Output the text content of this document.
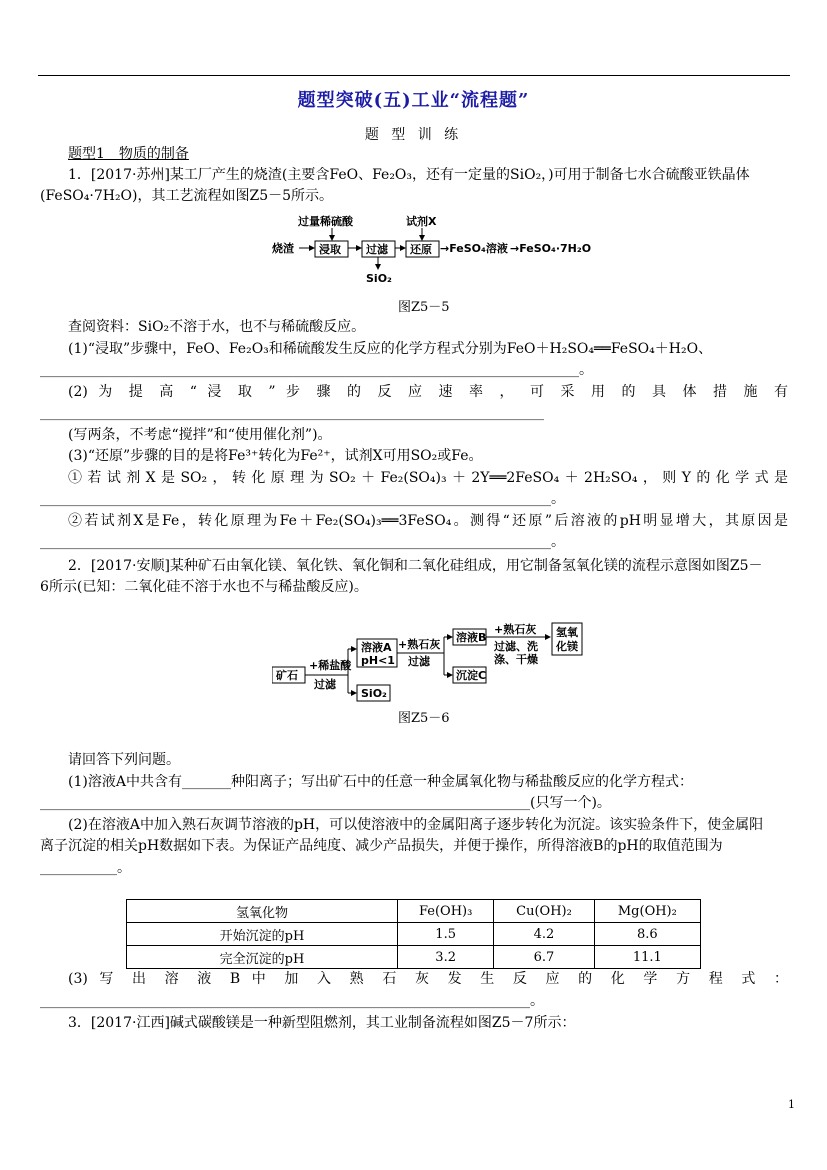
题型突破(五)工业“流程题”
题 型 训 练
题型1　物质的制备
1．[2017·苏州]某工厂产生的烧渣(主要含FeO、Fe₂O₃，还有一定量的SiO₂，)可用于制备七水合硫酸亚铁晶体
(FeSO₄·7H₂O)，其工艺流程如图Z5－5所示。
过量稀硫酸	试剂X
烧渣 浸取 过滤
SiO₂
还原 →FeSO₄溶液 →FeSO₄·7H₂O
图Z5－5
查阅资料：SiO₂不溶于水，也不与稀硫酸反应。
(1)“浸取”步骤中，FeO、Fe₂O₃和稀硫酸发生反应的化学方程式分别为FeO＋H₂SO₄══FeSO₄＋H₂O、
_____________________________________________________________________________。
(2) 为 提 高 “ 浸 取 ” 步 骤 的 反 应 速 率 ， 可 采 用 的 具 体 措 施 有
________________________________________________________________________
(写两条，不考虑“搅拌”和“使用催化剂”)。
(3)“还原”步骤的目的是将Fe³⁺转化为Fe²⁺，试剂X可用SO₂或Fe。
①若试剂X是SO₂，转化原理为SO₂＋Fe₂(SO₄)₃＋2Y══2FeSO₄＋2H₂SO₄，则Y的化学式是
_________________________________________________________________________。
②若试剂X是Fe，转化原理为Fe＋Fe₂(SO₄)₃══3FeSO₄。测得“还原”后溶液的pH明显增大，其原因是
_________________________________________________________________________。
2．[2017·安顺]某种矿石由氧化镁、氧化铁、氧化铜和二氧化硅组成，用它制备氢氧化镁的流程示意图如图Z5－
6所示(已知：二氧化硅不溶于水也不与稀盐酸反应)。
矿石
+稀盐酸
过滤
溶液A
pH<1
SiO₂
+熟石灰
过滤
溶液B
沉淀C
+熟石灰
过滤、洗
涤、干燥
氢氧
化镁
图Z5－6
请回答下列问题。
(1)溶液A中共含有_______种阳离子；写出矿石中的任意一种金属氧化物与稀盐酸反应的化学方程式：
______________________________________________________________________(只写一个)。
(2)在溶液A中加入熟石灰调节溶液的pH，可以使溶液中的金属阳离子逐步转化为沉淀。该实验条件下，使金属阳
离子沉淀的相关pH数据如下表。为保证产品纯度、减少产品损失，并便于操作，所得溶液B的pH的取值范围为
___________。
氢氧化物	Fe(OH)₃	Cu(OH)₂	Mg(OH)₂
开始沉淀的pH	1.5	4.2	8.6
完全沉淀的pH	3.2	6.7	11.1
(3) 写 出 溶 液 B 中 加 入 熟 石 灰 发 生 反 应 的 化 学 方 程 式 ：
______________________________________________________________________。
3．[2017·江西]碱式碳酸镁是一种新型阻燃剂，其工业制备流程如图Z5－7所示：
1
